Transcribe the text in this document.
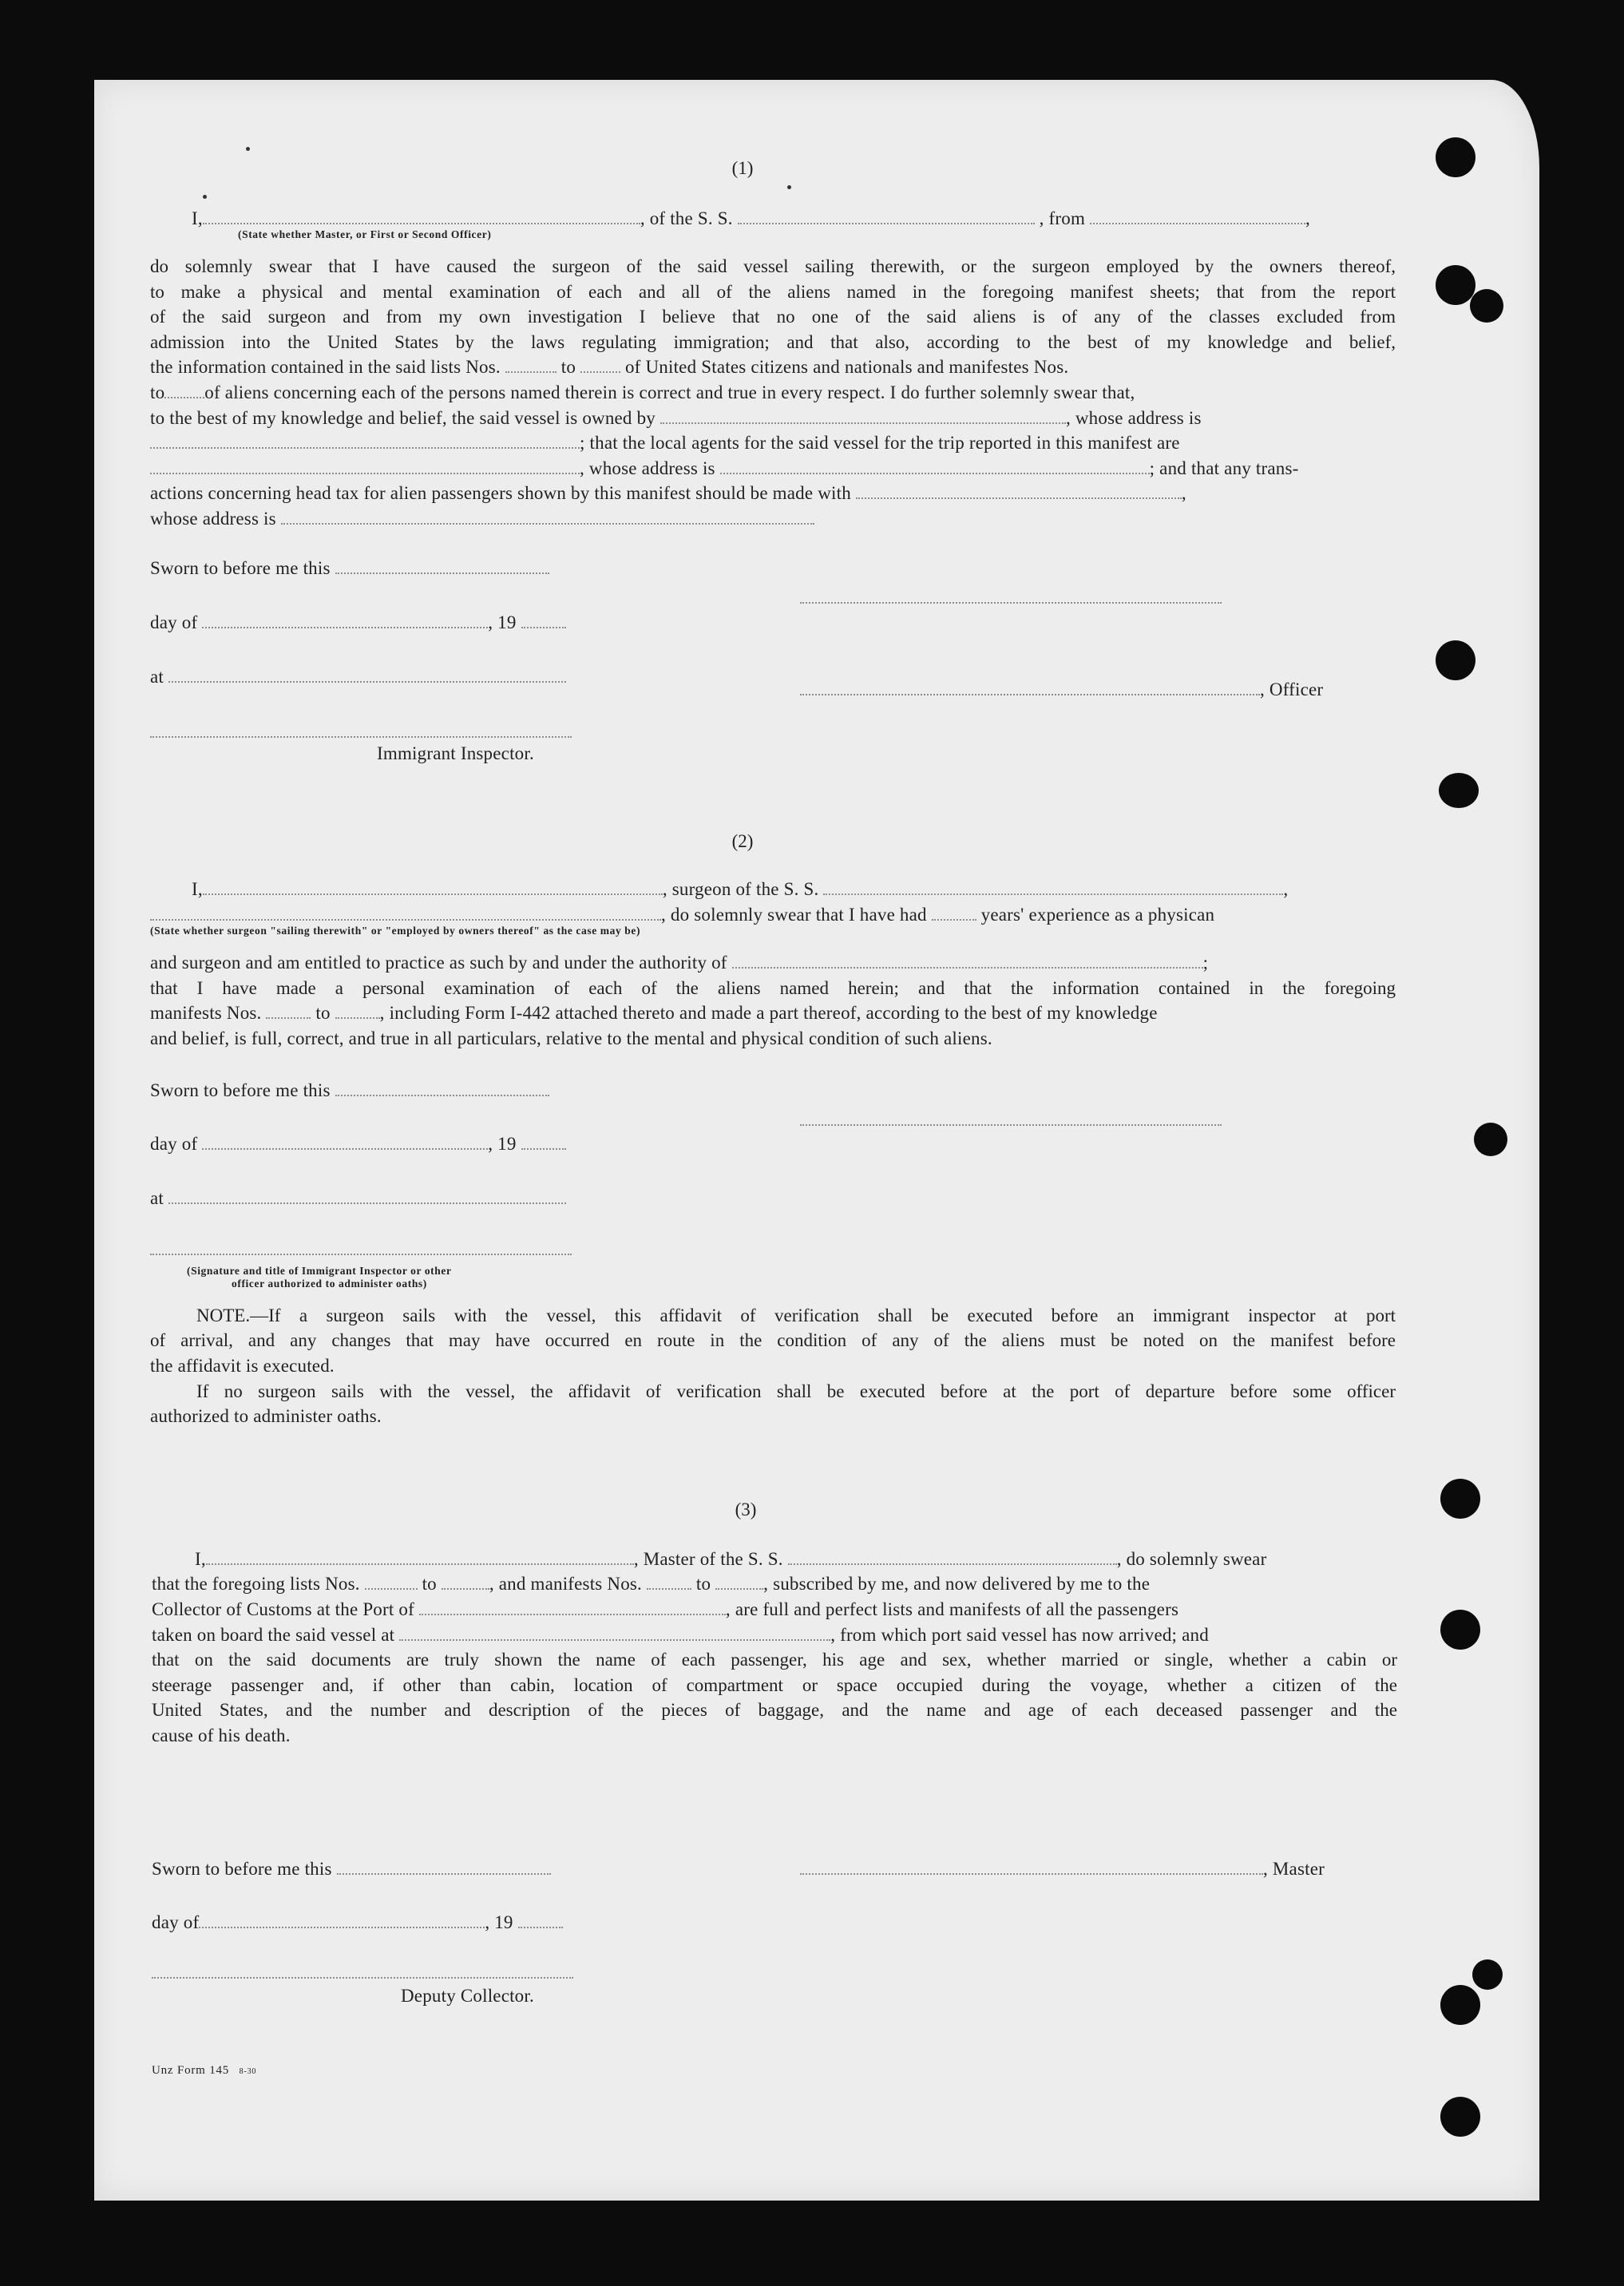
(1)
I,	, of the S. S.	, from	,
(State whether Master, or First or Second Officer)
do solemnly swear that I have caused the surgeon of the said vessel sailing therewith, or the surgeon employed by the owners thereof,
to make a physical and mental examination of each and all of the aliens named in the foregoing manifest sheets; that from the report
of the said surgeon and from my own investigation I believe that no one of the said aliens is of any of the classes excluded from
admission into the United States by the laws regulating immigration; and that also, according to the best of my knowledge and belief,
the information contained in the said lists Nos.	to	of United States citizens and nationals and manifestes Nos.
to of aliens concerning each of the persons named therein is correct and true in every respect. I do further solemnly swear that,
to the best of my knowledge and belief, the said vessel is owned by	, whose address is
; that the local agents for the said vessel for the trip reported in this manifest are
, whose address is	; and that any trans-
actions concerning head tax for alien passengers shown by this manifest should be made with	,
whose address is
Sworn to before me this
day of	, 19
at
, Officer
Immigrant Inspector.
(2)
I,	, surgeon of the S. S.	,
, do solemnly swear that I have had	years' experience as a physican
(State whether surgeon "sailing therewith" or "employed by owners thereof" as the case may be)
and surgeon and am entitled to practice as such by and under the authority of	;
that I have made a personal examination of each of the aliens named herein; and that the information contained in the foregoing
manifests Nos.	to	, including Form I-442 attached thereto and made a part thereof, according to the best of my knowledge
and belief, is full, correct, and true in all particulars, relative to the mental and physical condition of such aliens.
Sworn to before me this
day of	, 19
at
(Signature and title of Immigrant Inspector or other
officer authorized to administer oaths)
NOTE.—If a surgeon sails with the vessel, this affidavit of verification shall be executed before an immigrant inspector at port
of arrival, and any changes that may have occurred en route in the condition of any of the aliens must be noted on the manifest before
the affidavit is executed.
If no surgeon sails with the vessel, the affidavit of verification shall be executed before at the port of departure before some officer
authorized to administer oaths.
(3)
I,	, Master of the S. S.	, do solemnly swear
that the foregoing lists Nos.	to	, and manifests Nos.	to	, subscribed by me, and now delivered by me to the
Collector of Customs at the Port of	, are full and perfect lists and manifests of all the passengers
taken on board the said vessel at	, from which port said vessel has now arrived; and
that on the said documents are truly shown the name of each passenger, his age and sex, whether married or single, whether a cabin or
steerage passenger and, if other than cabin, location of compartment or space occupied during the voyage, whether a citizen of the
United States, and the number and description of the pieces of baggage, and the name and age of each deceased passenger and the
cause of his death.
Sworn to before me this	, Master
day of	, 19
Deputy Collector.
Unz Form 145 8-30
